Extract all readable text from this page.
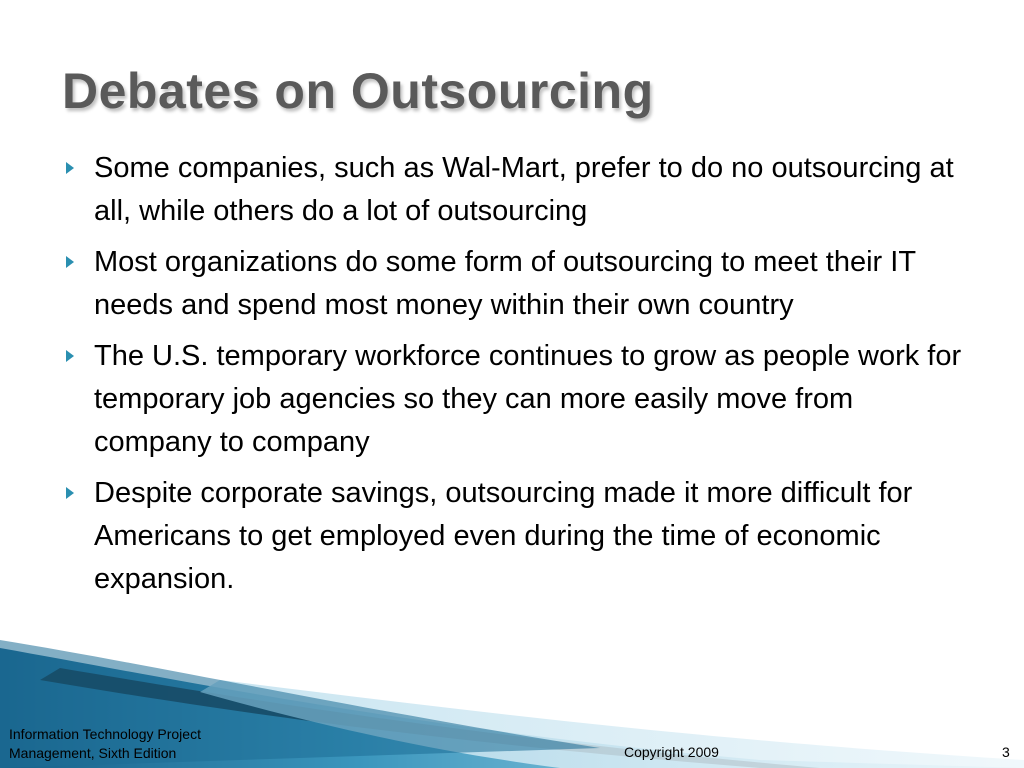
Debates on Outsourcing
Some companies, such as Wal-Mart, prefer to do no outsourcing at all, while others do a lot of outsourcing
Most organizations do some form of outsourcing to meet their IT needs and spend most money within their own country
The U.S. temporary workforce continues to grow as people work for temporary job agencies so they can more easily move from company to company
Despite corporate savings, outsourcing made it more difficult for Americans to get employed even during the time of economic expansion.

Information Technology Project
Management, Sixth Edition	Copyright 2009	3
